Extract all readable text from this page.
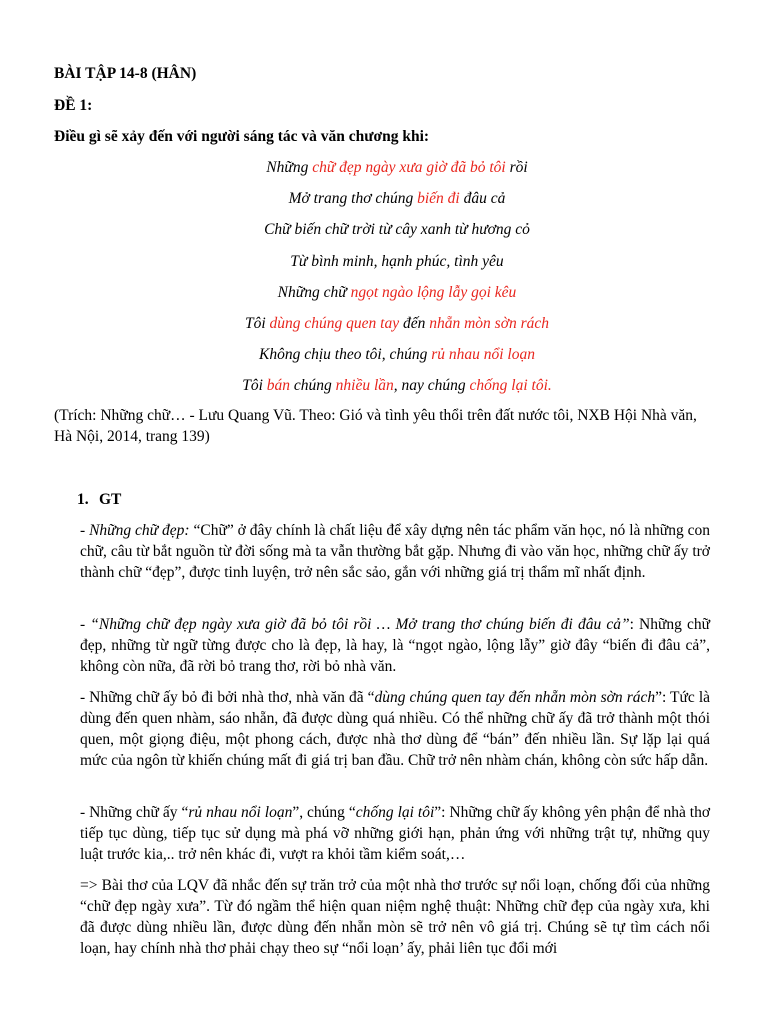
BÀI TẬP 14-8 (HÂN)
ĐỀ 1:
Điều gì sẽ xảy đến với người sáng tác và văn chương khi:
Những chữ đẹp ngày xưa giờ đã bỏ tôi rồi
Mở trang thơ chúng biến đi đâu cả
Chữ biến chữ trời từ cây xanh từ hương cỏ
Từ bình minh, hạnh phúc, tình yêu
Những chữ ngọt ngào lộng lẫy gọi kêu
Tôi dùng chúng quen tay đến nhẵn mòn sờn rách
Không chịu theo tôi, chúng rủ nhau nổi loạn
Tôi bán chúng nhiều lần, nay chúng chống lại tôi.
(Trích: Những chữ… - Lưu Quang Vũ. Theo: Gió và tình yêu thổi trên đất nước tôi, NXB Hội Nhà văn, Hà Nội, 2014, trang 139)
1. GT
- Những chữ đẹp: “Chữ” ở đây chính là chất liệu để xây dựng nên tác phẩm văn học, nó là những con chữ, câu từ bắt nguồn từ đời sống mà ta vẫn thường bắt gặp. Nhưng đi vào văn học, những chữ ấy trở thành chữ “đẹp”, được tinh luyện, trở nên sắc sảo, gắn với những giá trị thẩm mĩ nhất định.
- “Những chữ đẹp ngày xưa giờ đã bỏ tôi rồi … Mở trang thơ chúng biến đi đâu cả”: Những chữ đẹp, những từ ngữ từng được cho là đẹp, là hay, là “ngọt ngào, lộng lẫy” giờ đây “biến đi đâu cả”, không còn nữa, đã rời bỏ trang thơ, rời bỏ nhà văn.
- Những chữ ấy bỏ đi bởi nhà thơ, nhà văn đã “dùng chúng quen tay đến nhẵn mòn sờn rách”: Tức là dùng đến quen nhàm, sáo nhẵn, đã được dùng quá nhiều. Có thể những chữ ấy đã trở thành một thói quen, một giọng điệu, một phong cách, được nhà thơ dùng để “bán” đến nhiều lần. Sự lặp lại quá mức của ngôn từ khiến chúng mất đi giá trị ban đầu. Chữ trở nên nhàm chán, không còn sức hấp dẫn.
- Những chữ ấy “rủ nhau nổi loạn”, chúng “chống lại tôi”: Những chữ ấy không yên phận để nhà thơ tiếp tục dùng, tiếp tục sử dụng mà phá vỡ những giới hạn, phản ứng với những trật tự, những quy luật trước kia,.. trở nên khác đi, vượt ra khỏi tầm kiểm soát,…
=> Bài thơ của LQV đã nhắc đến sự trăn trở của một nhà thơ trước sự nổi loạn, chống đối của những “chữ đẹp ngày xưa”. Từ đó ngầm thể hiện quan niệm nghệ thuật: Những chữ đẹp của ngày xưa, khi đã được dùng nhiều lần, được dùng đến nhẵn mòn sẽ trở nên vô giá trị. Chúng sẽ tự tìm cách nổi loạn, hay chính nhà thơ phải chạy theo sự “nổi loạn’ ấy, phải liên tục đổi mới
